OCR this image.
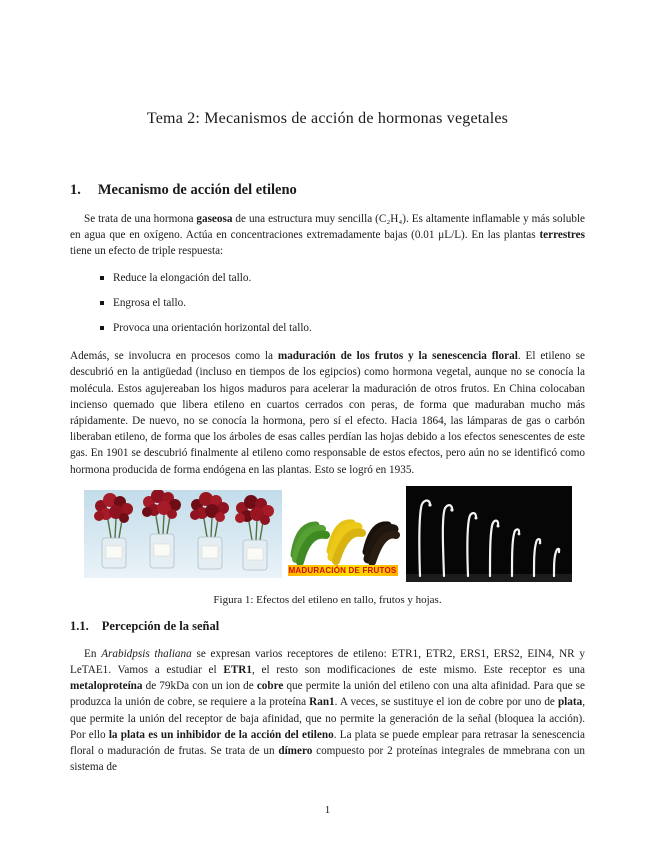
Tema 2: Mecanismos de acción de hormonas vegetales
1. Mecanismo de acción del etileno

Se trata de una hormona gaseosa de una estructura muy sencilla (C₂H₄). Es altamente inflamable y más soluble en agua que en oxígeno. Actúa en concentraciones extremadamente bajas (0.01 μL/L). En las plantas terrestres tiene un efecto de triple respuesta:

Reduce la elongación del tallo.
Engrosa el tallo.
Provoca una orientación horizontal del tallo.

Además, se involucra en procesos como la maduración de los frutos y la senescencia floral. El etileno se descubrió en la antigüedad (incluso en tiempos de los egipcios) como hormona vegetal, aunque no se conocía la molécula. Estos agujereaban los higos maduros para acelerar la maduración de otros frutos. En China colocaban incienso quemado que libera etileno en cuartos cerrados con peras, de forma que maduraban mucho más rápidamente. De nuevo, no se conocía la hormona, pero sí el efecto. Hacia 1864, las lámparas de gas o carbón liberaban etileno, de forma que los árboles de esas calles perdían las hojas debido a los efectos senescentes de este gas. En 1901 se descubrió finalmente al etileno como responsable de estos efectos, pero aún no se identificó como hormona producida de forma endógena en las plantas. Esto se logró en 1935.

MADURACIÓN DE FRUTOS
Figura 1: Efectos del etileno en tallo, frutos y hojas.
1.1. Percepción de la señal

En Arabidpsis thaliana se expresan varios receptores de etileno: ETR1, ETR2, ERS1, ERS2, EIN4, NR y LeTAE1. Vamos a estudiar el ETR1, el resto son modificaciones de este mismo. Este receptor es una metaloproteína de 79kDa con un ion de cobre que permite la unión del etileno con una alta afinidad. Para que se produzca la unión de cobre, se requiere a la proteína Ran1. A veces, se sustituye el ion de cobre por uno de plata, que permite la unión del receptor de baja afinidad, que no permite la generación de la señal (bloquea la acción). Por ello la plata es un inhibidor de la acción del etileno. La plata se puede emplear para retrasar la senescencia floral o maduración de frutas. Se trata de un dímero compuesto por 2 proteínas integrales de mmebrana con un sistema de

1
